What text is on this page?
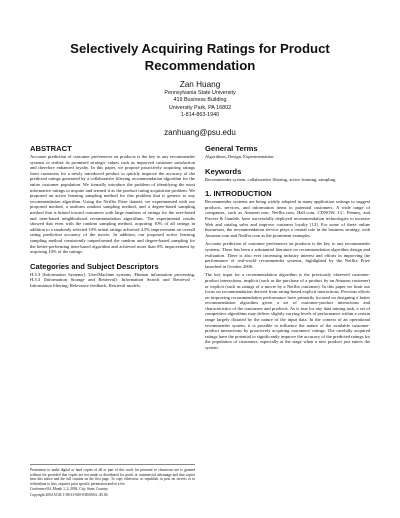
Selectively Acquiring Ratings for Product Recommendation
Zan Huang
Pennsylvania State University
419 Business Building
University Park, PA 16802
1-814-863-1940
zanhuang@psu.edu
ABSTRACT

Accurate prediction of customer preferences on products is the key to any recommender systems to realize its promised strategic values such as improved customer satisfaction and therefore enhanced loyalty. In this paper, we propose proactively acquiring ratings from customers for a newly introduced product to quickly improve the accuracy of the predicted ratings generated by a collaborative filtering recommendation algorithm for the entire customer population. We formally introduce the problem of identifying the most informative ratings to acquire and termed it as the product rating acquisition problem. We proposed an active learning sampling method for this problem that is generic to any recommendation algorithm. Using the Netflix Prize dataset, we experimented with our proposed method, a uniform random sampling method, and a degree-based sampling method that is biased toward customers with large numbers of ratings for the user-based and item-based neighborhood recommendation algorithms. The experimental results showed that even with the random sampling method, acquiring 10% of all ratings in addition to a randomly selected 10% initial ratings achieved 4.5% improvement on overall rating prediction accuracy of the movie. In addition, our proposed active learning sampling method consistently outperformed the random and degree-based sampling for the better-performing item-based algorithm and achieved more than 8% improvement by acquiring 10% of the ratings.

Categories and Subject Descriptors

H.3.3 [Information Systems]: User/Machine systems -Human information processing, H.3.3 [Information Storage and Retrieval]: Information Search and Retrieval - Information filtering; Relevance feedback; Retrieval models.

Permission to make digital or hard copies of all or part of this work for personal or classroom use is granted without fee provided that copies are not made or distributed for profit or commercial advantage and that copies bear this notice and the full citation on the first page. To copy otherwise, or republish, to post on servers or to redistribute to lists, requires prior specific permission and/or a fee.

Conference'04, Month 1–2, 2004, City, State, Country.

Copyright 2004 ACM 1-58113-000-0/00/0004...$5.00.

General Terms

Algorithms, Design, Experimentation.

Keywords

Recommender system, collaborative filtering, active learning, sampling.

1. INTRODUCTION

Recommender systems are being widely adopted in many application settings to suggest products, services, and information items to potential customers. A wide range of companies, such as Amazon.com, Netflix.com, Half.com, CDNOW, J.C. Penney, and Procter & Gamble, have successfully deployed recommendation technologies to increase Web and catalog sales and improve customer loyalty [13]. For some of these online businesses, the recommendation service plays a central role in the business strategy, with Amazon.com and Netflix.com as the prominent examples.

Accurate prediction of customer preferences on products is the key to any recommender systems. There has been a substantial literature on recommendation algorithm design and evaluation. There is also ever increasing industry interest and efforts in improving the performance of real-world recommender systems, highlighted by the Netflix Prize launched in October 2006.

The key input for a recommendation algorithm is the previously observed customer-product interactions, implicit (such as the purchase of a product by an Amazon customer) or explicit (such as ratings of a movie by a Netflix customer). In this paper we limit our focus on recommendation derived from rating-based explicit interactions. Previous efforts on improving recommendation performance have primarily focused on designing a better recommendation algorithm given a set of customer-product interactions and characteristics of the customers and products. As is true for any data mining task, a set of competitive algorithms may deliver slightly varying levels of performance within a certain range largely dictated by the nature of the input data. In the context of an operational recommender system, it is possible to influence the nature of the available customer-product interactions by proactively acquiring customers' ratings. The carefully acquired ratings have the potential to significantly improve the accuracy of the predicted ratings for the population of customers, especially at the stage when a new product just enters the system.
